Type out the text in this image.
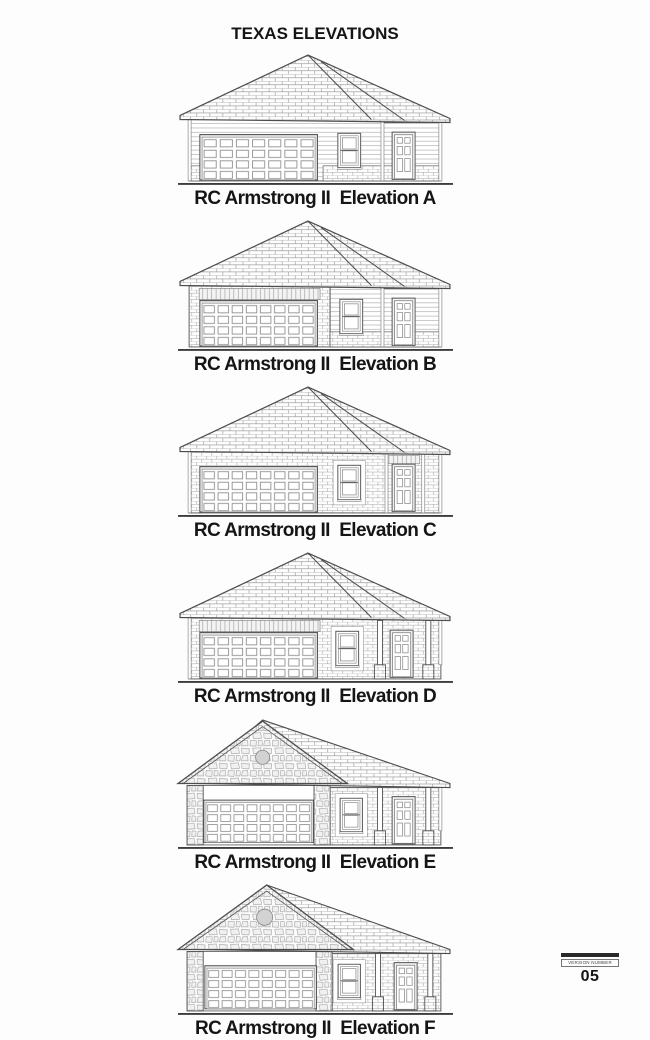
TEXAS ELEVATIONS
RC Armstrong II  Elevation A
RC Armstrong II  Elevation B
RC Armstrong II  Elevation C
RC Armstrong II  Elevation D
RC Armstrong II  Elevation E
RC Armstrong II  Elevation F
VERSION NUMBER
05
